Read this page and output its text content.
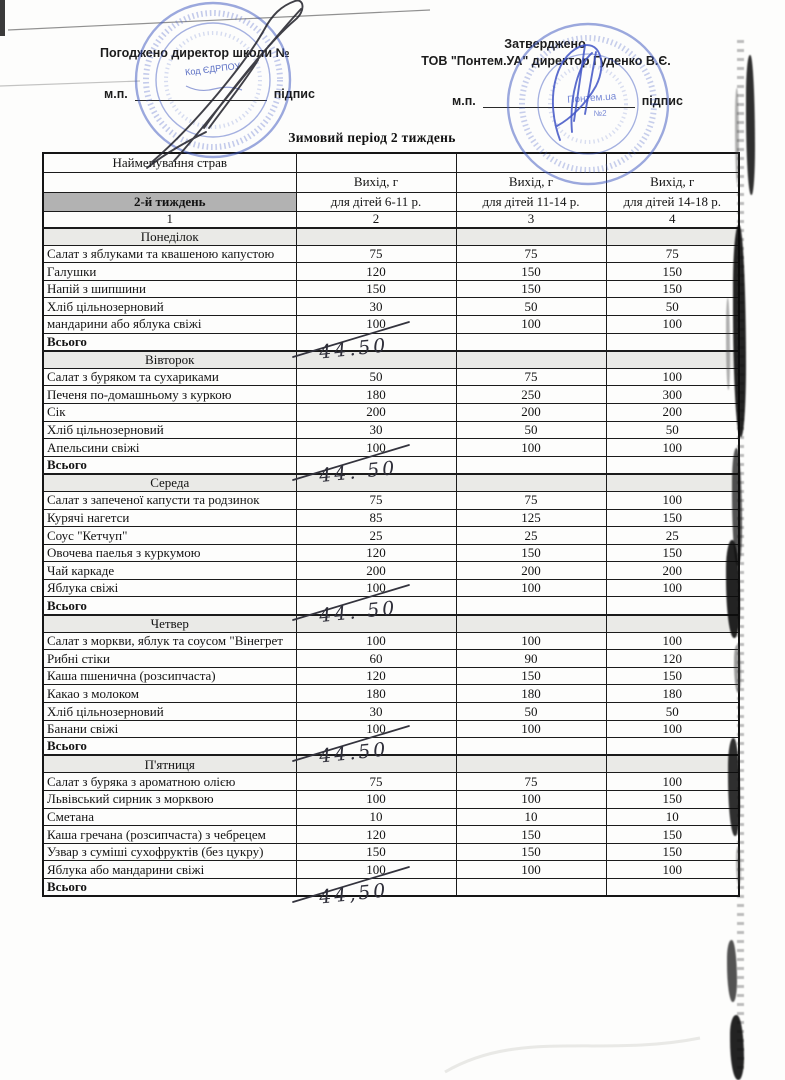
Погоджено директор школи №
м.п.	підпис
Затверджено
ТОВ "Понтем.УА" директор Гуденко В.Є.
м.п.	підпис
Код ЄДРПОУ
Понтем.ua
№2
Зимовий період 2 тиждень
Найменування страв			
	Вихід, г	Вихід, г	Вихід, г
2-й тиждень	для дітей 6-11 р.	для дітей 11-14 р.	для дітей 14-18 р.
1	2	3	4
Понеділок			
Салат з яблуками та квашеною капустою	75	75	75
Галушки	120	150	150
Напій з шипшини	150	150	150
Хліб цільнозерновий	30	50	50
мандарини або яблука свіжі	100	100	100
Всього	44.50		

Вівторок			
Салат з буряком та сухариками	50	75	100
Печеня по-домашньому з куркою	180	250	300
Сік	200	200	200
Хліб цільнозерновий	30	50	50
Апельсини свіжі	100	100	100
Всього	44. 50		

Середа			
Салат з запеченої капусти та родзинок	75	75	100
Курячі нагетси	85	125	150
Соус "Кетчуп"	25	25	25
Овочева паелья з куркумою	120	150	150
Чай каркаде	200	200	200
Яблука свіжі	100	100	100
Всього	44. 50		

Четвер			
Салат з моркви, яблук та соусом "Вінегрет	100	100	100
Рибні стіки	60	90	120
Каша пшенична (розсипчаста)	120	150	150
Какао з молоком	180	180	180
Хліб цільнозерновий	30	50	50
Банани свіжі	100	100	100
Всього	44.50		

П'ятниця			
Салат з буряка з ароматною олією	75	75	100
Львівський сирник з морквою	100	100	150
Сметана	10	10	10
Каша гречана (розсипчаста) з чебрецем	120	150	150
Узвар з суміші сухофруктів (без цукру)	150	150	150
Яблука або мандарини свіжі	100	100	100
Всього	44,50		
